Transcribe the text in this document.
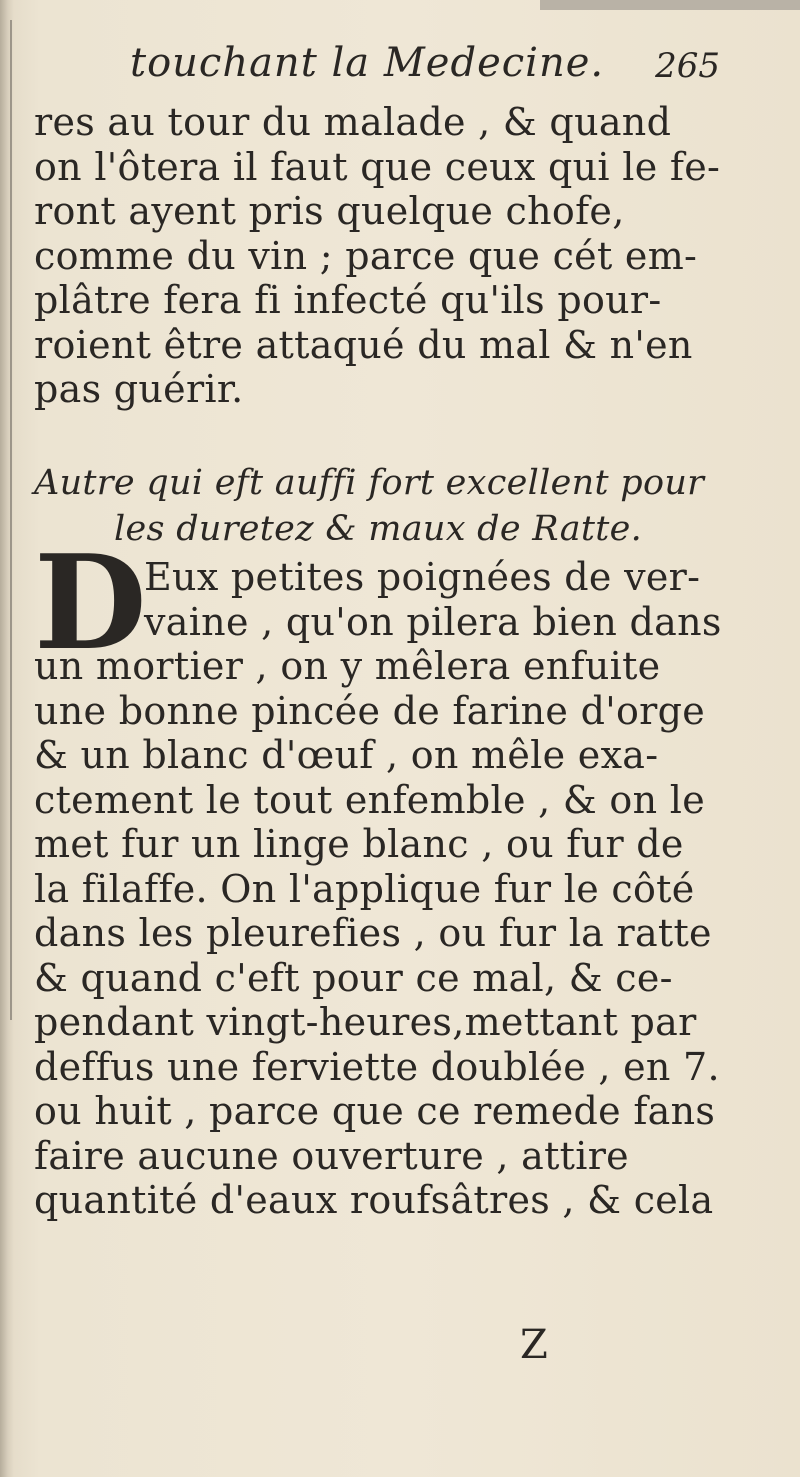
touchant la Medecine. 265
res au tour du malade , & quand
on l'ôtera il faut que ceux qui le fe-
ront ayent pris quelque chofe,
comme du vin ; parce que cét em-
plâtre fera fi infecté qu'ils pour-
roient être attaqué du mal & n'en
pas guérir.
Autre qui eft auffi fort excellent pour
les duretez & maux de Ratte.
D
Eux petites poignées de ver-
vaine , qu'on pilera bien dans
un mortier , on y mêlera enfuite
une bonne pincée de farine d'orge
& un blanc d'œuf , on mêle exa-
ctement le tout enfemble , & on le
met fur un linge blanc , ou fur de
la filaffe. On l'applique fur le côté
dans les pleurefies , ou fur la ratte
& quand c'eft pour ce mal, & ce-
pendant vingt-heures,mettant par
deffus une ferviette doublée , en 7.
ou huit , parce que ce remede fans
faire aucune ouverture , attire
quantité d'eaux roufsâtres , & cela
Z
